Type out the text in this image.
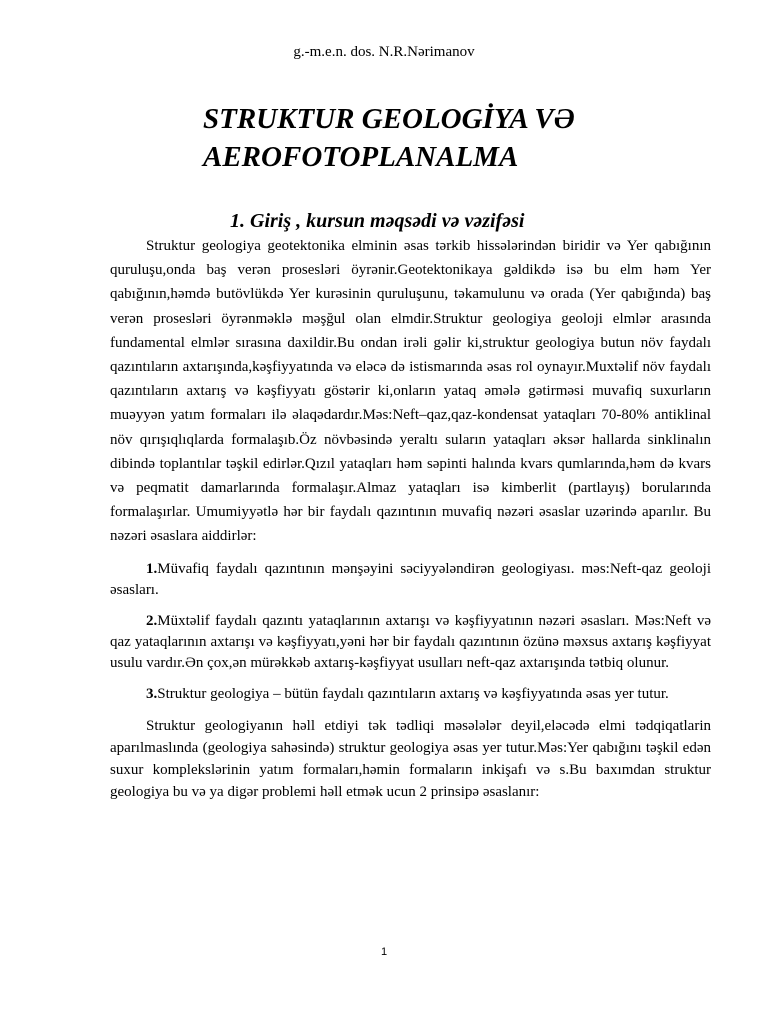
g.-m.e.n. dos. N.R.Nərimanov
STRUKTUR GEOLOGİYA VƏ
AEROFOTOPLANALMA
1. Giriş , kursun məqsədi və vəzifəsi

Struktur geologiya geotektonika elminin əsas tərkib hissələrindən biridir və Yer qabığının quruluşu,onda baş verən prosesləri öyrənir.Geotektonikaya gəldikdə isə bu elm həm Yer qabığının,həmdə butövlükdə Yer kurəsinin quruluşunu, təkamulunu və orada (Yer qabığında) baş verən prosesləri öyrənməklə məşğul olan elmdir.Struktur geologiya geoloji elmlər arasında fundamental elmlər sırasına daxildir.Bu ondan irəli gəlir ki,struktur geologiya butun növ faydalı qazıntıların axtarışında,kəşfiyyatında və eləcə də istismarında əsas rol oynayır.Muxtəlif növ faydalı qazıntıların axtarış və kəşfiyyatı göstərir ki,onların yataq əmələ gətirməsi muvafiq suxurların muəyyən yatım formaları ilə əlaqədardır.Məs:Neft–qaz,qaz-kondensat yataqları 70-80% antiklinal növ qırışıqlıqlarda formalaşıb.Öz növbəsində yeraltı suların yataqları əksər hallarda sinklinalın dibində toplantılar təşkil edirlər.Qızıl yataqları həm səpinti halında kvars qumlarında,həm də kvars və peqmatit damarlarında formalaşır.Almaz yataqları isə kimberlit (partlayış) borularında formalaşırlar. Umumiyyətlə hər bir faydalı qazıntının muvafiq nəzəri əsaslar uzərində aparılır. Bu nəzəri əsaslara aiddirlər:

1.Müvafiq faydalı qazıntının mənşəyini səciyyələndirən geologiyası. məs:Neft-qaz geoloji əsasları.

2.Müxtəlif faydalı qazıntı yataqlarının axtarışı və kəşfiyyatının nəzəri əsasları. Məs:Neft və qaz yataqlarının axtarışı və kəşfiyyatı,yəni hər bir faydalı qazıntının özünə məxsus axtarış kəşfiyyat usulu vardır.Ən çox,ən mürəkkəb axtarış-kəşfiyyat usulları neft-qaz axtarışında tətbiq olunur.

3.Struktur geologiya – bütün faydalı qazıntıların axtarış və kəşfiyyatında əsas yer tutur.

Struktur geologiyanın həll etdiyi tək tədliqi məsələlər deyil,eləcədə elmi tədqiqatlarin aparılmaslında (geologiya sahəsində) struktur geologiya əsas yer tutur.Məs:Yer qabığını təşkil edən suxur komplekslərinin yatım formaları,həmin formaların inkişafı və s.Bu baxımdan struktur geologiya bu və ya digər problemi həll etmək ucun 2 prinsipə əsaslanır:

1
